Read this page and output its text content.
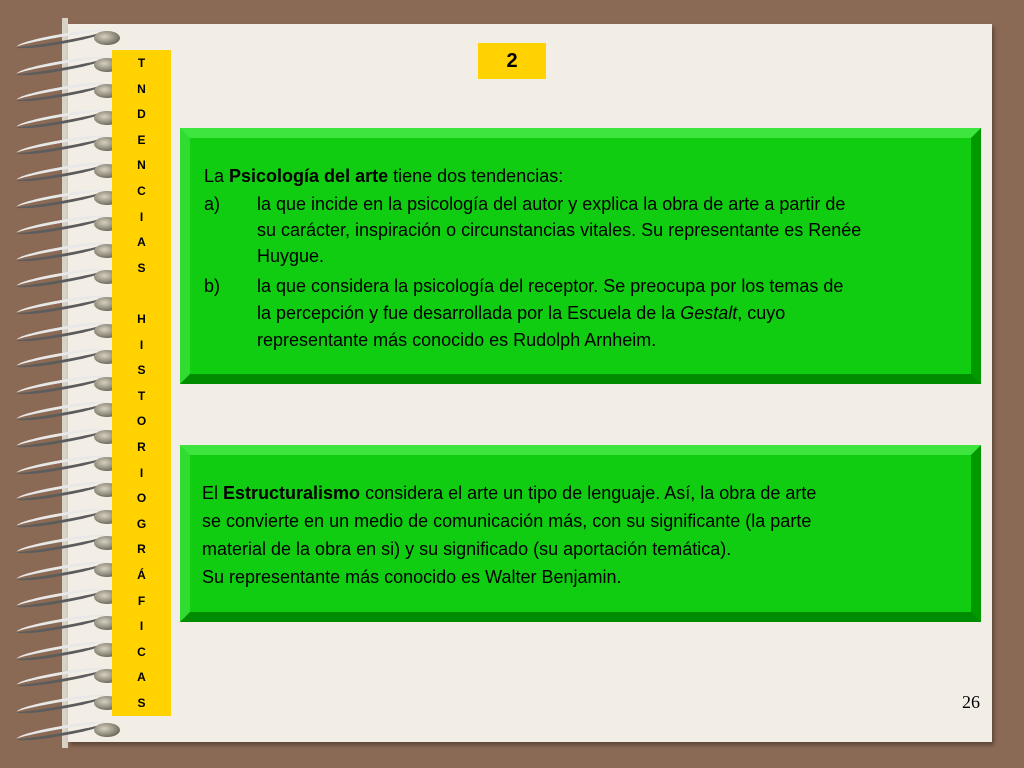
T
N
D
E
N
C
I
A
S
H
I
S
T
O
R
I
O
G
R
Á
F
I
C
A
S
2
La Psicología del arte tiene dos tendencias:
a) la que incide en la psicología del autor y explica la obra de arte a partir de
su carácter, inspiración o circunstancias vitales. Su representante es Renée
Huygue.
b) la que considera la psicología del receptor. Se preocupa por los temas de
la percepción y fue desarrollada por la Escuela de la Gestalt, cuyo
representante más conocido es Rudolph Arnheim.
El Estructuralismo considera el arte un tipo de lenguaje. Así, la obra de arte
se convierte en un medio de comunicación más, con su significante (la parte
material de la obra en si) y su significado (su aportación temática).
Su representante más conocido es Walter Benjamin.
26
